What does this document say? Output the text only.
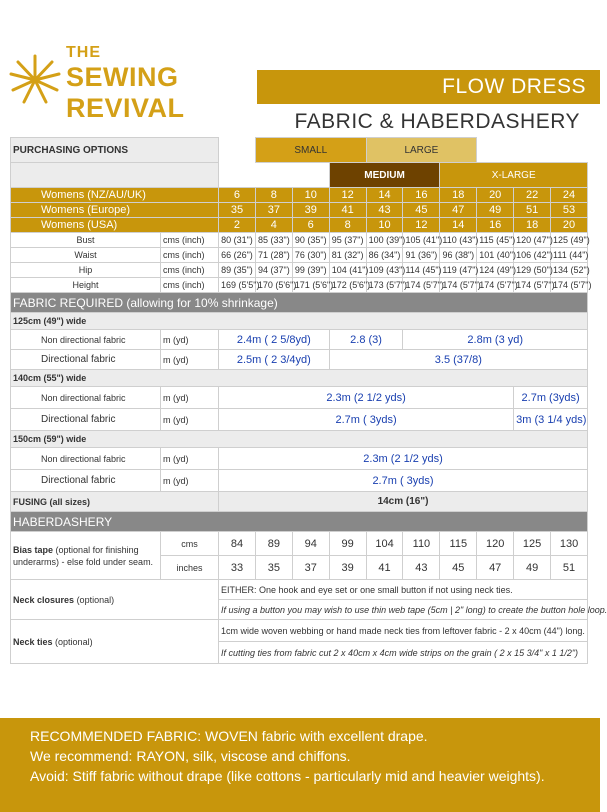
THE
SEWING REVIVAL
FLOW DRESS
FABRIC & HABERDASHERY
PURCHASING OPTIONS			SMALL			LARGE					
					MEDIUM			X-LARGE			
Womens (NZ/AU/UK)		6	8	10	12	14	16	18	20	22	24
Womens (Europe)		35	37	39	41	43	45	47	49	51	53
Womens (USA)		2	4	6	8	10	12	14	16	18	20
Bust	cms (inch)	80 (31")	85 (33")	90 (35")	95 (37")	100 (39")	105 (41")	110 (43")	115 (45")	120 (47")	125 (49")
Waist	cms (inch)	66 (26")	71 (28")	76 (30")	81 (32")	86 (34")	91 (36")	96 (38")	101 (40")	106 (42")	111 (44")
Hip	cms (inch)	89 (35")	94 (37")	99 (39")	104 (41")	109 (43")	114 (45")	119 (47")	124 (49")	129 (50")	134 (52")
Height	cms (inch)	169 (5'5")	170 (5'6")	171 (5'6")	172 (5'6")	173 (5'7")	174 (5'7")	174 (5'7")	174 (5'7")	174 (5'7")	174 (5'7")
FABRIC REQUIRED (allowing for 10% shrinkage)											
125cm (49") wide											
Non directional fabric	m (yd)	2.4m ( 2 5/8yd)			2.8 (3)		2.8m (3 yd)				
Directional fabric	m (yd)	2.5m ( 2 3/4yd)			3.5 (37/8)						
140cm (55") wide											
Non directional fabric	m (yd)	2.3m (2 1/2 yds)								2.7m (3yds)	
Directional fabric	m (yd)	2.7m ( 3yds)								3m (3 1/4 yds)	
150cm (59") wide											
Non directional fabric	m (yd)	2.3m (2 1/2 yds)									
Directional fabric	m (yd)	2.7m ( 3yds)									
FUSING (all sizes)		14cm (16")									
HABERDASHERY											
Bias tape (optional for finishing underarms) - else fold under seam.	cms	84	89	94	99	104	110	115	120	125	130
	inches	33	35	37	39	41	43	45	47	49	51
Neck closures (optional)		EITHER: One hook and eye set or one small button if not using neck ties.									
		If using a button you may wish to use thin web tape (5cm | 2" long) to create the button hole loop.									
Neck ties (optional)		1cm wide woven webbing or hand made neck ties from leftover fabric - 2 x 40cm (44") long.									
		If cutting ties from fabric cut 2 x 40cm x 4cm wide strips on the grain ( 2 x 15 3/4" x 1 1/2")									
RECOMMENDED FABRIC: WOVEN fabric with excellent drape.
We recommend: RAYON, silk, viscose and chiffons.
Avoid: Stiff fabric without drape (like cottons - particularly mid and heavier weights).
